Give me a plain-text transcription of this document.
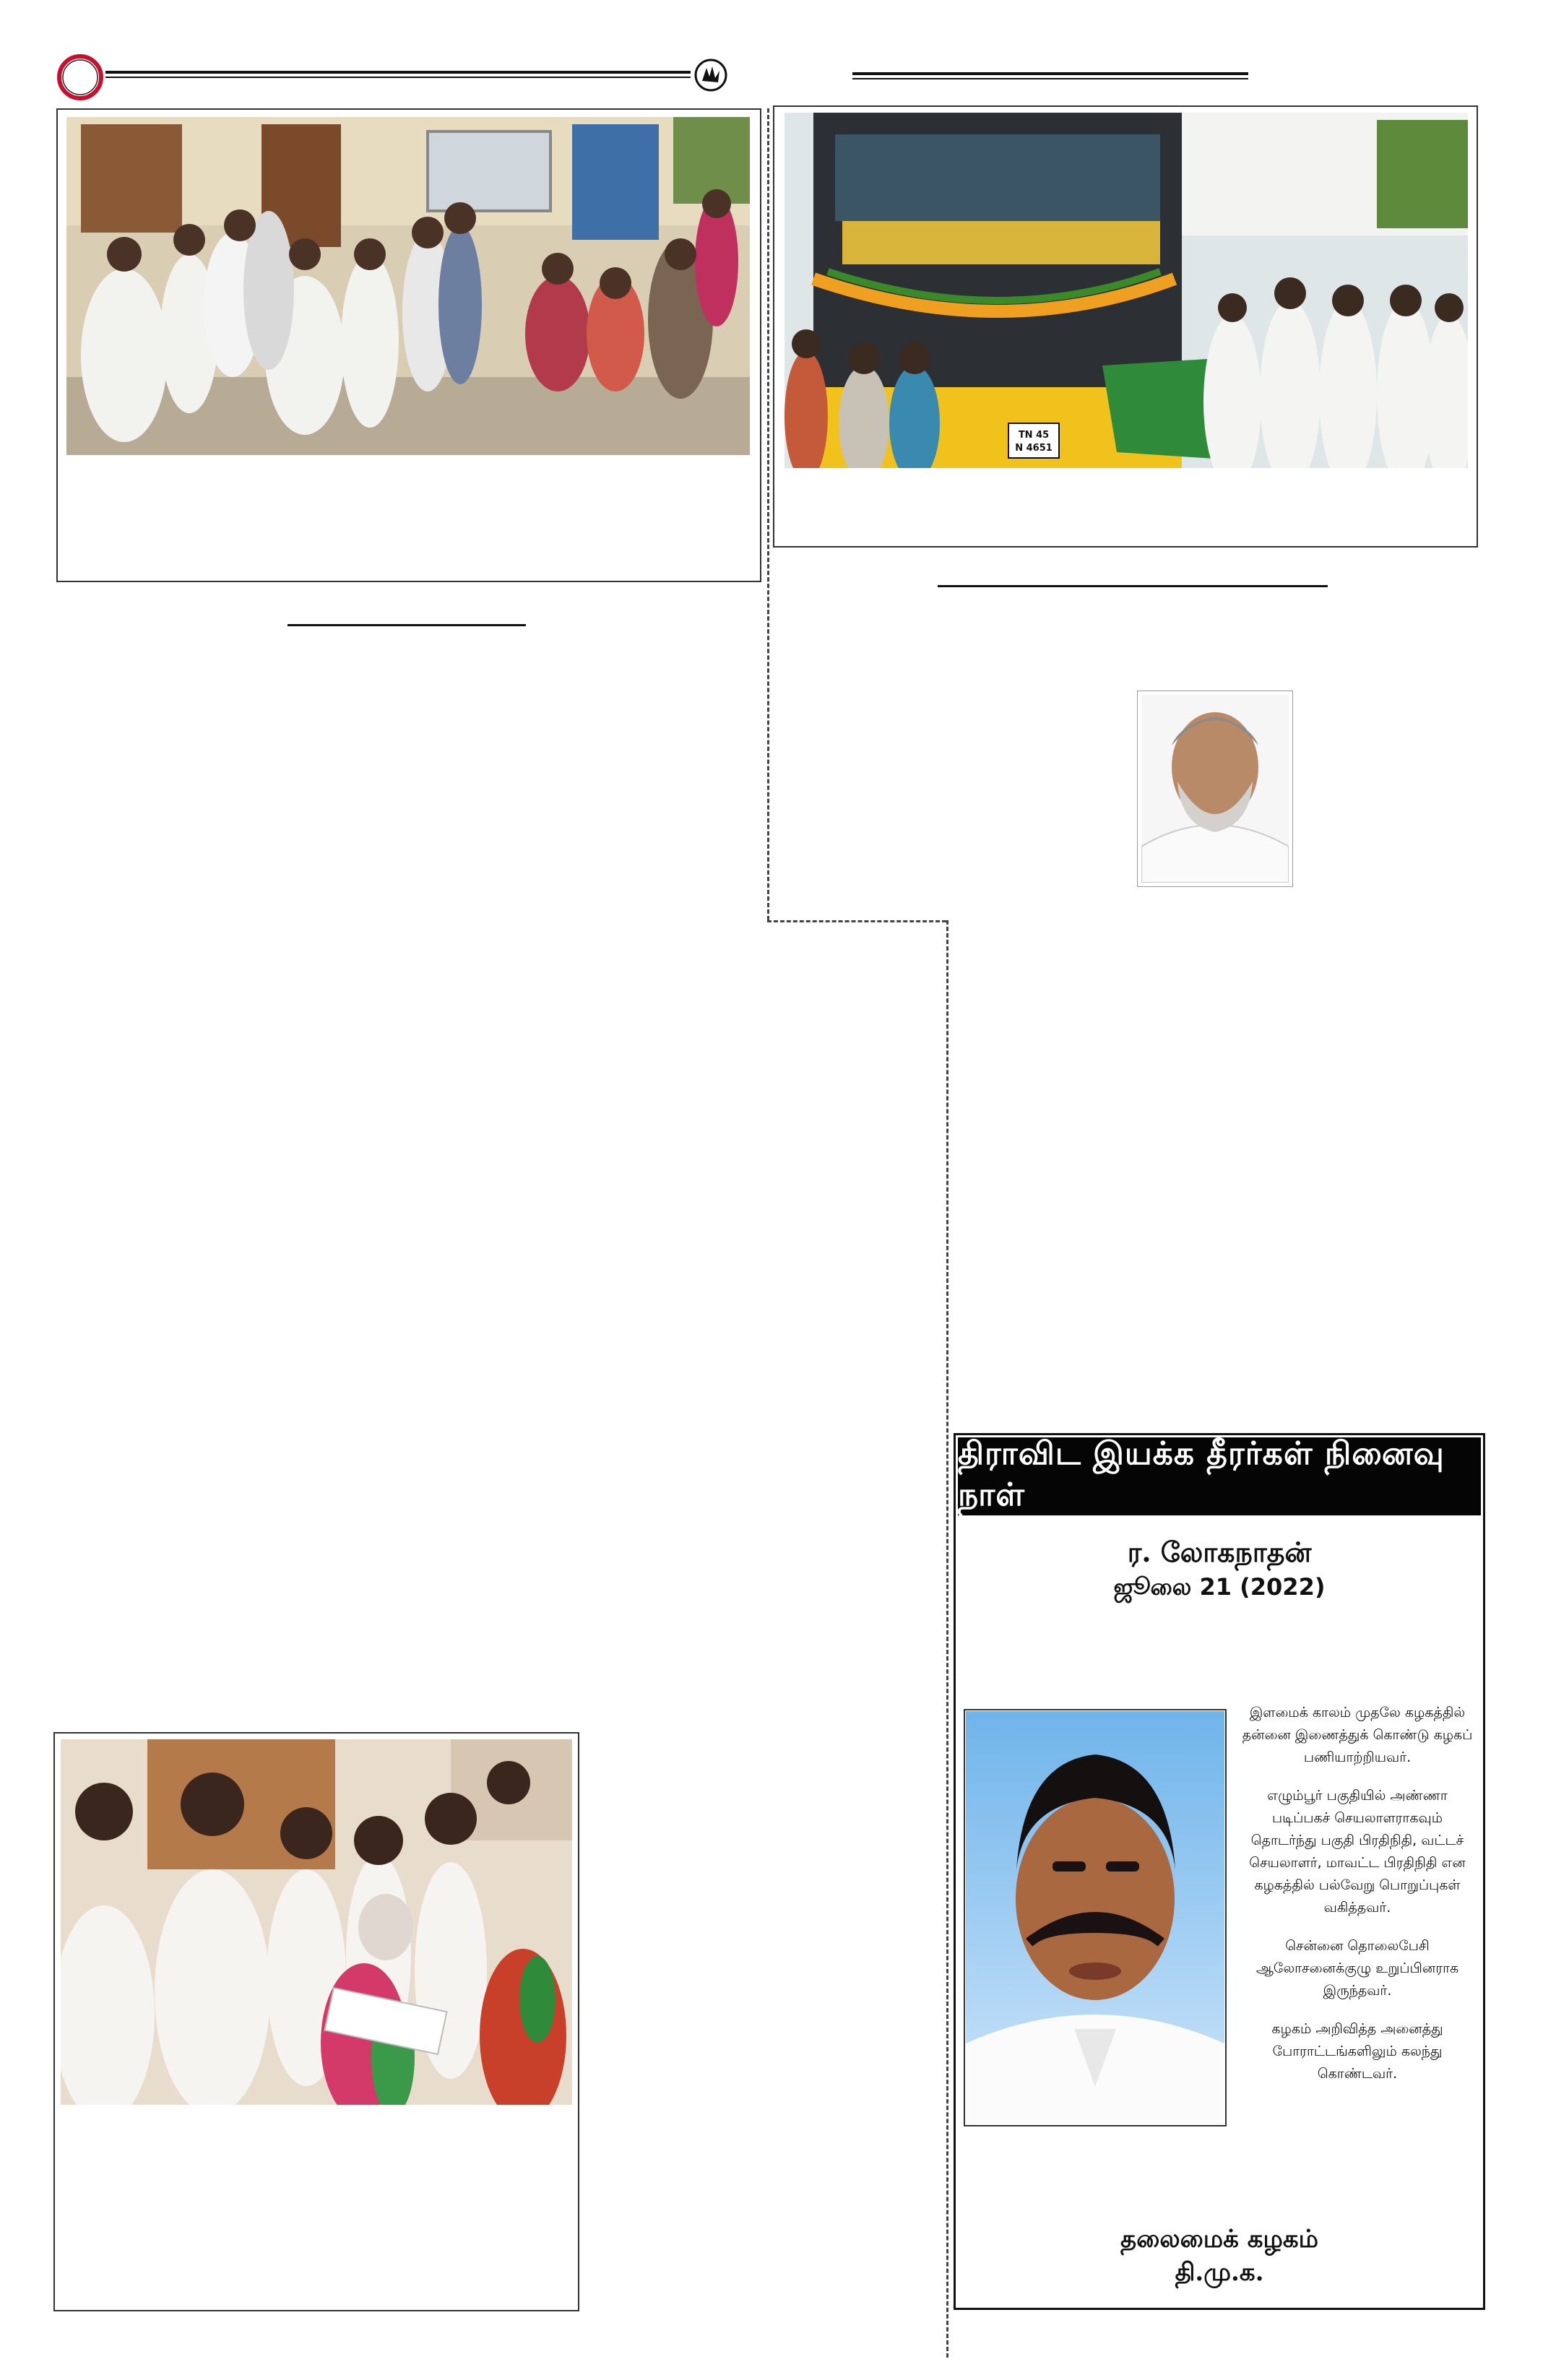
TN 45
N 4651
திராவிட இயக்க தீரர்கள் நினைவு நாள்
ர. லோகநாதன்
ஜூலை 21 (2022)

இளமைக் காலம் முதலே கழகத்தில் தன்னை இணைத்துக் கொண்டு கழகப் பணியாற்றியவர்.

எழும்பூர் பகுதியில் அண்ணா படிப்பகச் செயலாளராகவும் தொடர்ந்து பகுதி பிரதிநிதி, வட்டச் செயலாளர், மாவட்ட பிரதிநிதி என கழகத்தில் பல்வேறு பொறுப்புகள் வகித்தவர்.

சென்னை தொலைபேசி ஆலோசனைக்குழு உறுப்பினராக இருந்தவர்.

கழகம் அறிவித்த அனைத்து போராட்டங்களிலும் கலந்து கொண்டவர்.

தலைமைக் கழகம்
தி.மு.க.
